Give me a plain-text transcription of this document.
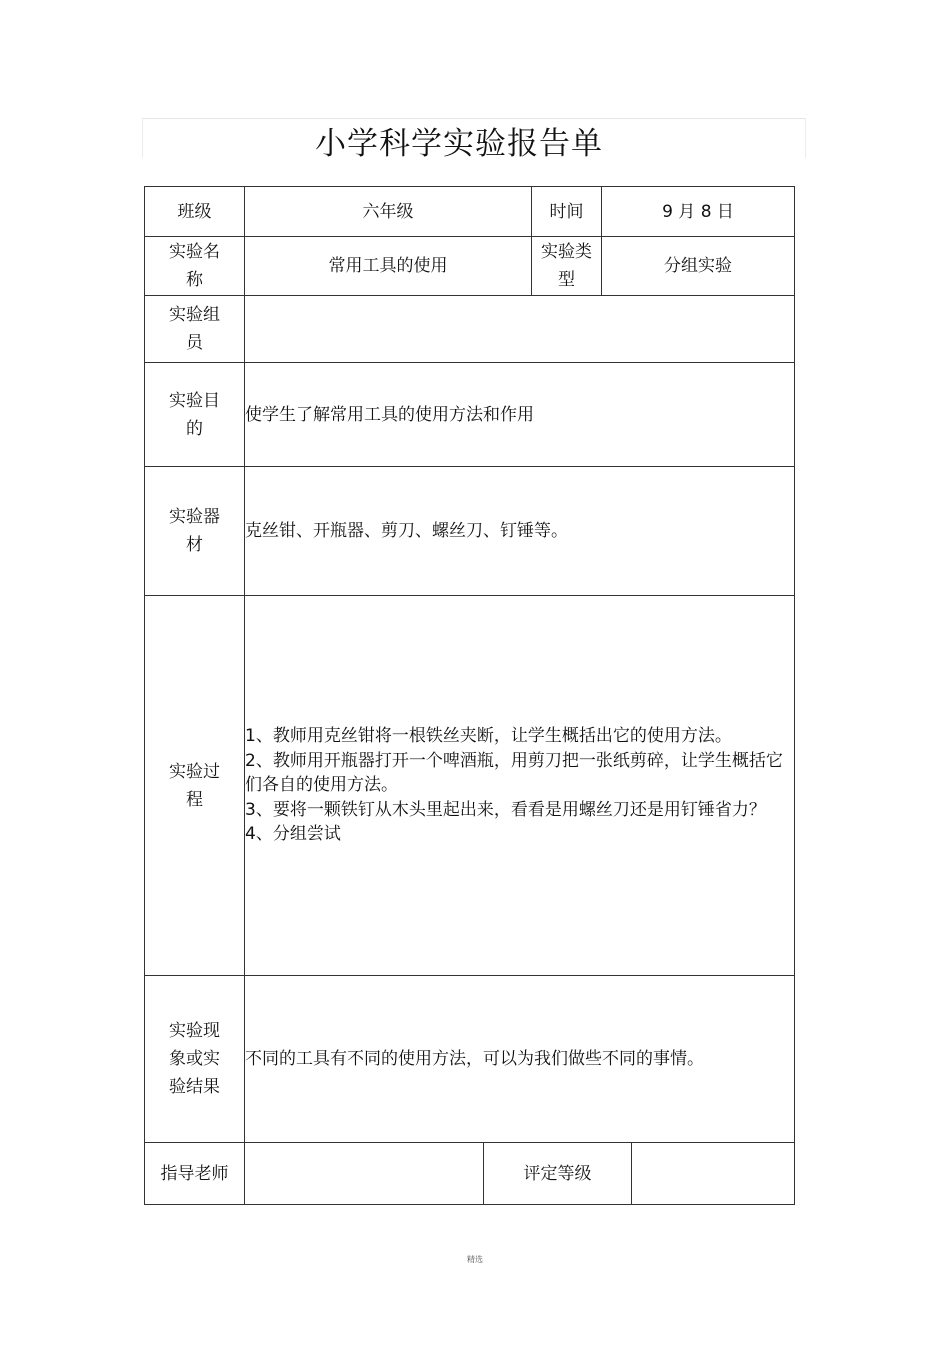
小学科学实验报告单
班级	六年级		时间	9 月 8 日	
实验名称	常用工具的使用		实验类型	分组实验	
实验组员					
实验目的	使学生了解常用工具的使用方法和作用				
实验器材	克丝钳、开瓶器、剪刀、螺丝刀、钉锤等。				
实验过程	1、教师用克丝钳将一根铁丝夹断，让学生概括出它的使用方法。
2、教师用开瓶器打开一个啤酒瓶，用剪刀把一张纸剪碎，让学生概括它们各自的使用方法。
3、要将一颗铁钉从木头里起出来，看看是用螺丝刀还是用钉锤省力？
4、分组尝试				

实验现象或实验结果	不同的工具有不同的使用方法，可以为我们做些不同的事情。				
指导老师		评定等级			
精选
